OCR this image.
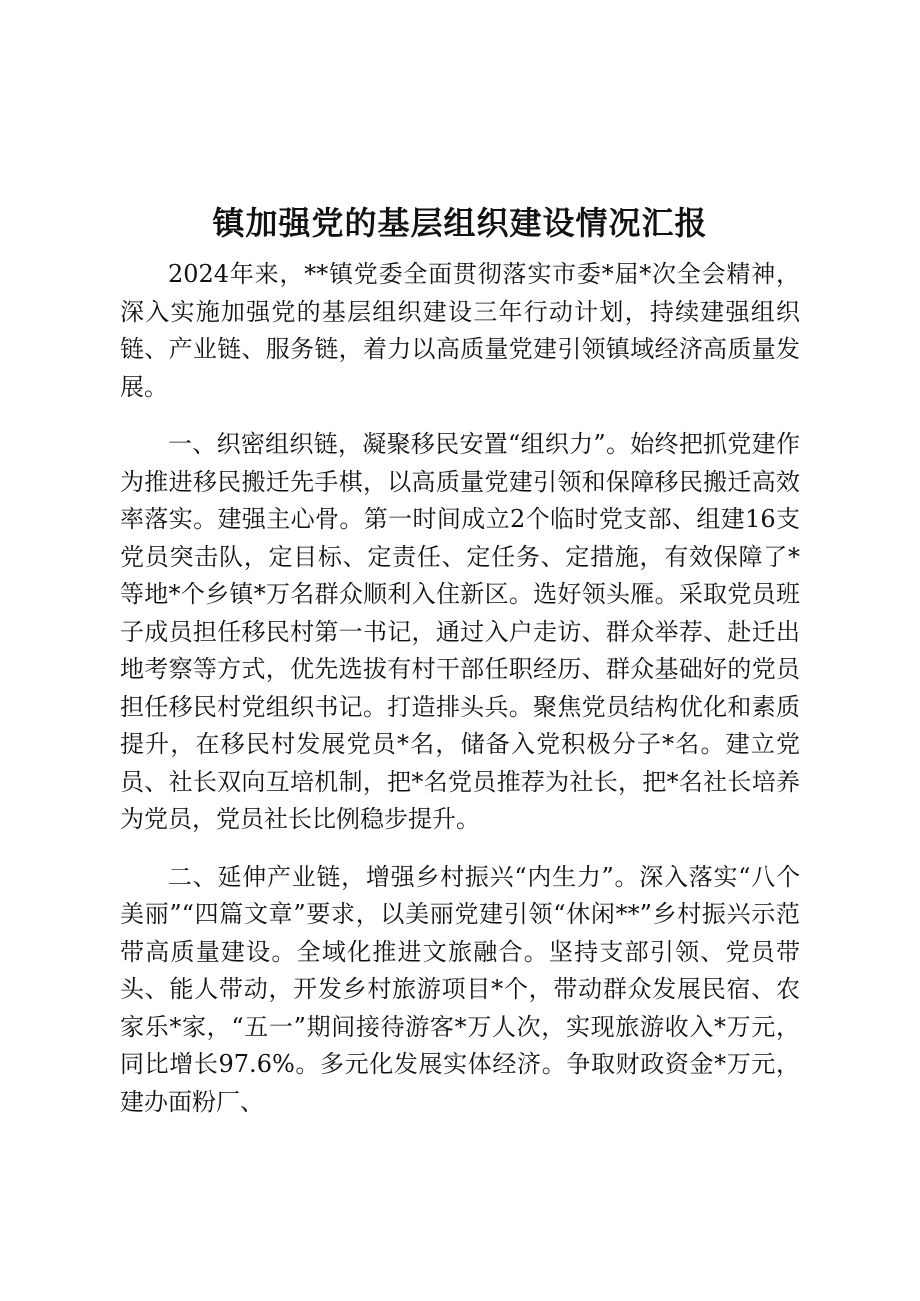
镇加强党的基层组织建设情况汇报

2024年来，**镇党委全面贯彻落实市委*届*次全会精神，深入实施加强党的基层组织建设三年行动计划，持续建强组织链、产业链、服务链，着力以高质量党建引领镇域经济高质量发展。

一、织密组织链，凝聚移民安置“组织力”。始终把抓党建作为推进移民搬迁先手棋，以高质量党建引领和保障移民搬迁高效率落实。建强主心骨。第一时间成立2个临时党支部、组建16支党员突击队，定目标、定责任、定任务、定措施，有效保障了*等地*个乡镇*万名群众顺利入住新区。选好领头雁。采取党员班子成员担任移民村第一书记，通过入户走访、群众举荐、赴迁出地考察等方式，优先选拔有村干部任职经历、群众基础好的党员担任移民村党组织书记。打造排头兵。聚焦党员结构优化和素质提升，在移民村发展党员*名，储备入党积极分子*名。建立党员、社长双向互培机制，把*名党员推荐为社长，把*名社长培养为党员，党员社长比例稳步提升。

二、延伸产业链，增强乡村振兴“内生力”。深入落实“八个美丽”“四篇文章”要求，以美丽党建引领“休闲**”乡村振兴示范带高质量建设。全域化推进文旅融合。坚持支部引领、党员带头、能人带动，开发乡村旅游项目*个，带动群众发展民宿、农家乐*家，“五一”期间接待游客*万人次，实现旅游收入*万元，同比增长97.6%。多元化发展实体经济。争取财政资金*万元，建办面粉厂、
